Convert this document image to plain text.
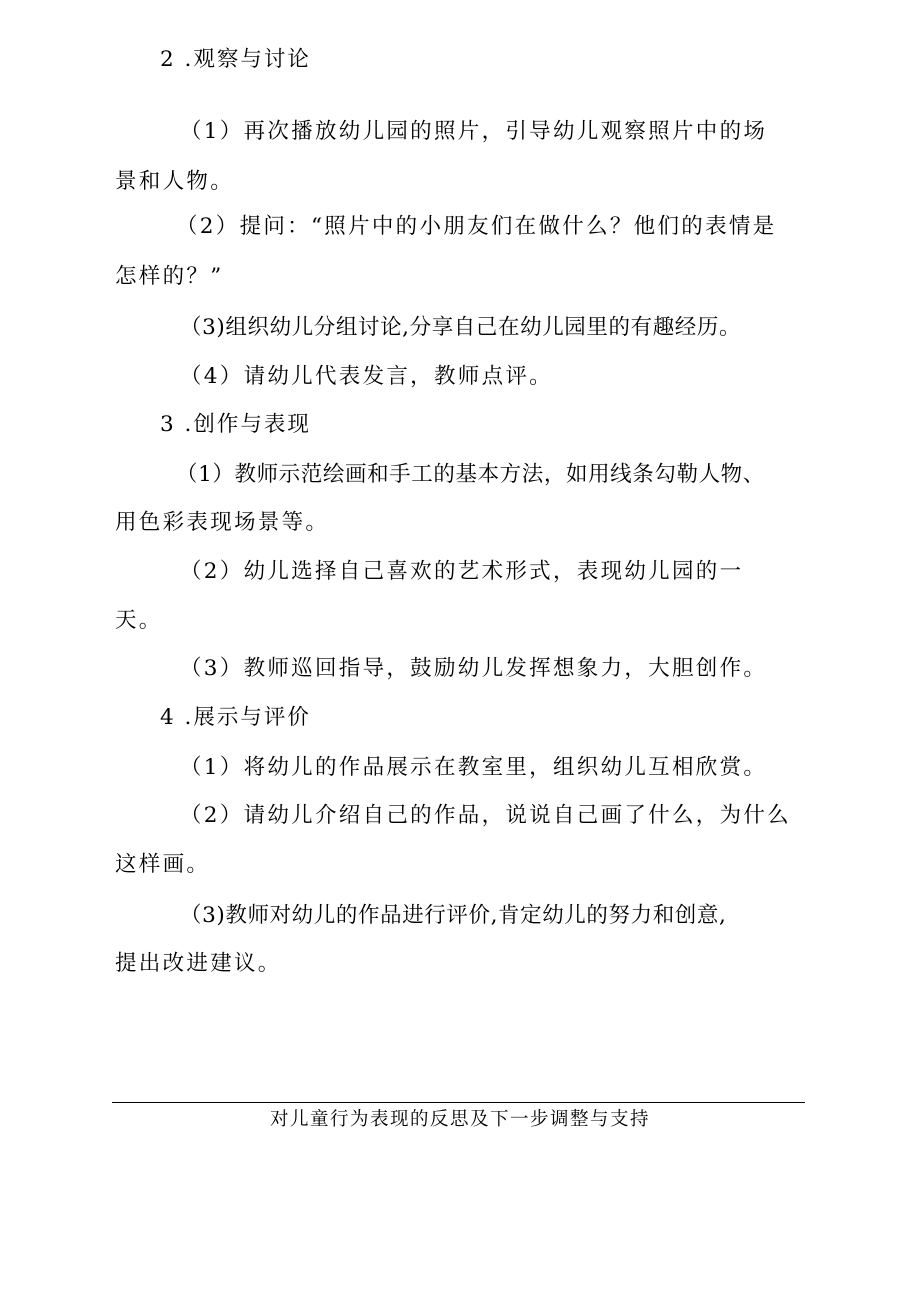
2 .观察与讨论
（1）再次播放幼儿园的照片，引导幼儿观察照片中的场
景和人物。
（2）提问：“照片中的小朋友们在做什么？他们的表情是
怎样的？”
（3)组织幼儿分组讨论,分享自己在幼儿园里的有趣经历。
（4）请幼儿代表发言，教师点评。
3 .创作与表现
（1）教师示范绘画和手工的基本方法，如用线条勾勒人物、
用色彩表现场景等。
（2）幼儿选择自己喜欢的艺术形式，表现幼儿园的一
天。
（3）教师巡回指导，鼓励幼儿发挥想象力，大胆创作。
4 .展示与评价
（1）将幼儿的作品展示在教室里，组织幼儿互相欣赏。
（2）请幼儿介绍自己的作品，说说自己画了什么，为什么
这样画。
（3)教师对幼儿的作品进行评价,肯定幼儿的努力和创意,
提出改进建议。
对儿童行为表现的反思及下一步调整与支持
